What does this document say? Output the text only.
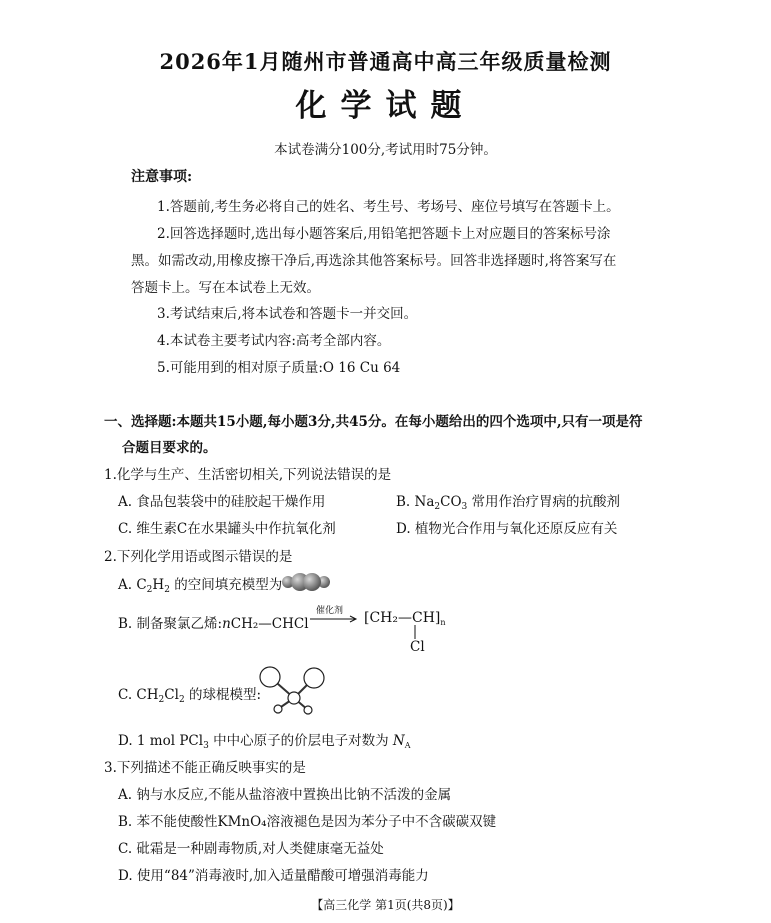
2026年1月随州市普通高中高三年级质量检测
化学试题
本试卷满分100分,考试用时75分钟。
注意事项:
1.答题前,考生务必将自己的姓名、考生号、考场号、座位号填写在答题卡上。
2.回答选择题时,选出每小题答案后,用铅笔把答题卡上对应题目的答案标号涂
黑。如需改动,用橡皮擦干净后,再选涂其他答案标号。回答非选择题时,将答案写在
答题卡上。写在本试卷上无效。
3.考试结束后,将本试卷和答题卡一并交回。
4.本试卷主要考试内容:高考全部内容。
5.可能用到的相对原子质量:O 16 Cu 64
一、选择题:本题共15小题,每小题3分,共45分。在每小题给出的四个选项中,只有一项是符
合题目要求的。
1.化学与生产、生活密切相关,下列说法错误的是
A. 食品包装袋中的硅胶起干燥作用	B. $Na_2CO_3$ 常用作治疗胃病的抗酸剂
C. 维生素C在水果罐头中作抗氧化剂	D. 植物光合作用与氧化还原反应有关
2.下列化学用语或图示错误的是
A. $C_2H_2$ 的空间填充模型为
B. 制备聚氯乙烯:nCH₂—CHCl
催化剂 → $[CH_2—CH]_n$
Cl
C. $CH_2Cl_2$ 的球棍模型:
D. 1 mol PCl$_3$ 中中心原子的价层电子对数为 $N_A$
3.下列描述不能正确反映事实的是
A. 钠与水反应,不能从盐溶液中置换出比钠不活泼的金属
B. 苯不能使酸性KMnO₄溶液褪色是因为苯分子中不含碳碳双键
C. 砒霜是一种剧毒物质,对人类健康毫无益处
D. 使用“84”消毒液时,加入适量醋酸可增强消毒能力
【高三化学 第1页(共8页)】
